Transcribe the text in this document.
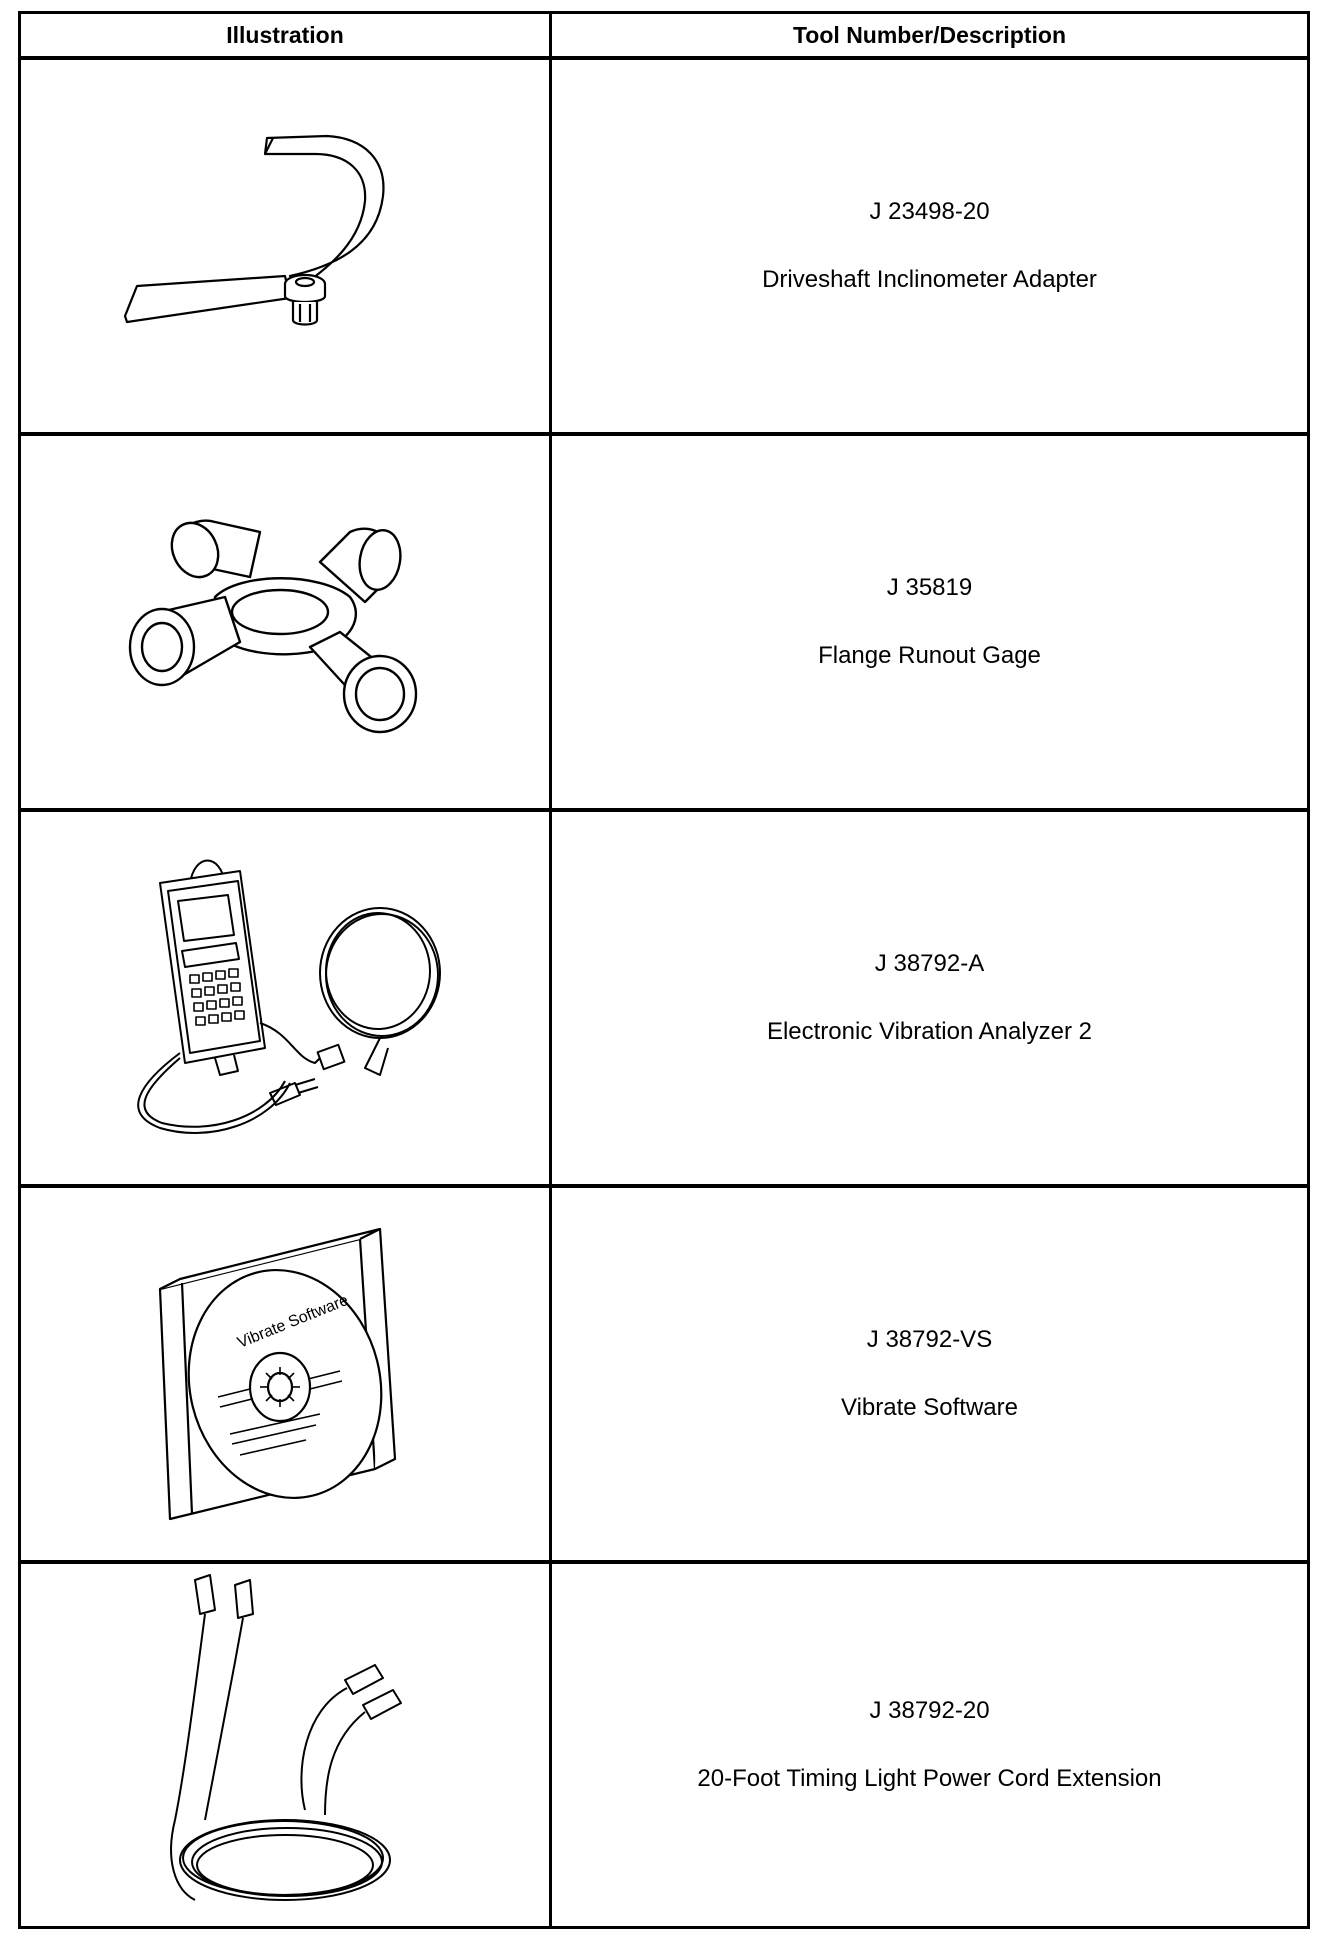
Illustration	Tool Number/Description
J 23498-20
Driveshaft Inclinometer Adapter
J 35819
Flange Runout Gage
J 38792-A
Electronic Vibration Analyzer 2
Vibrate Software	J 38792-VS
Vibrate Software
J 38792-20
20-Foot Timing Light Power Cord Extension
